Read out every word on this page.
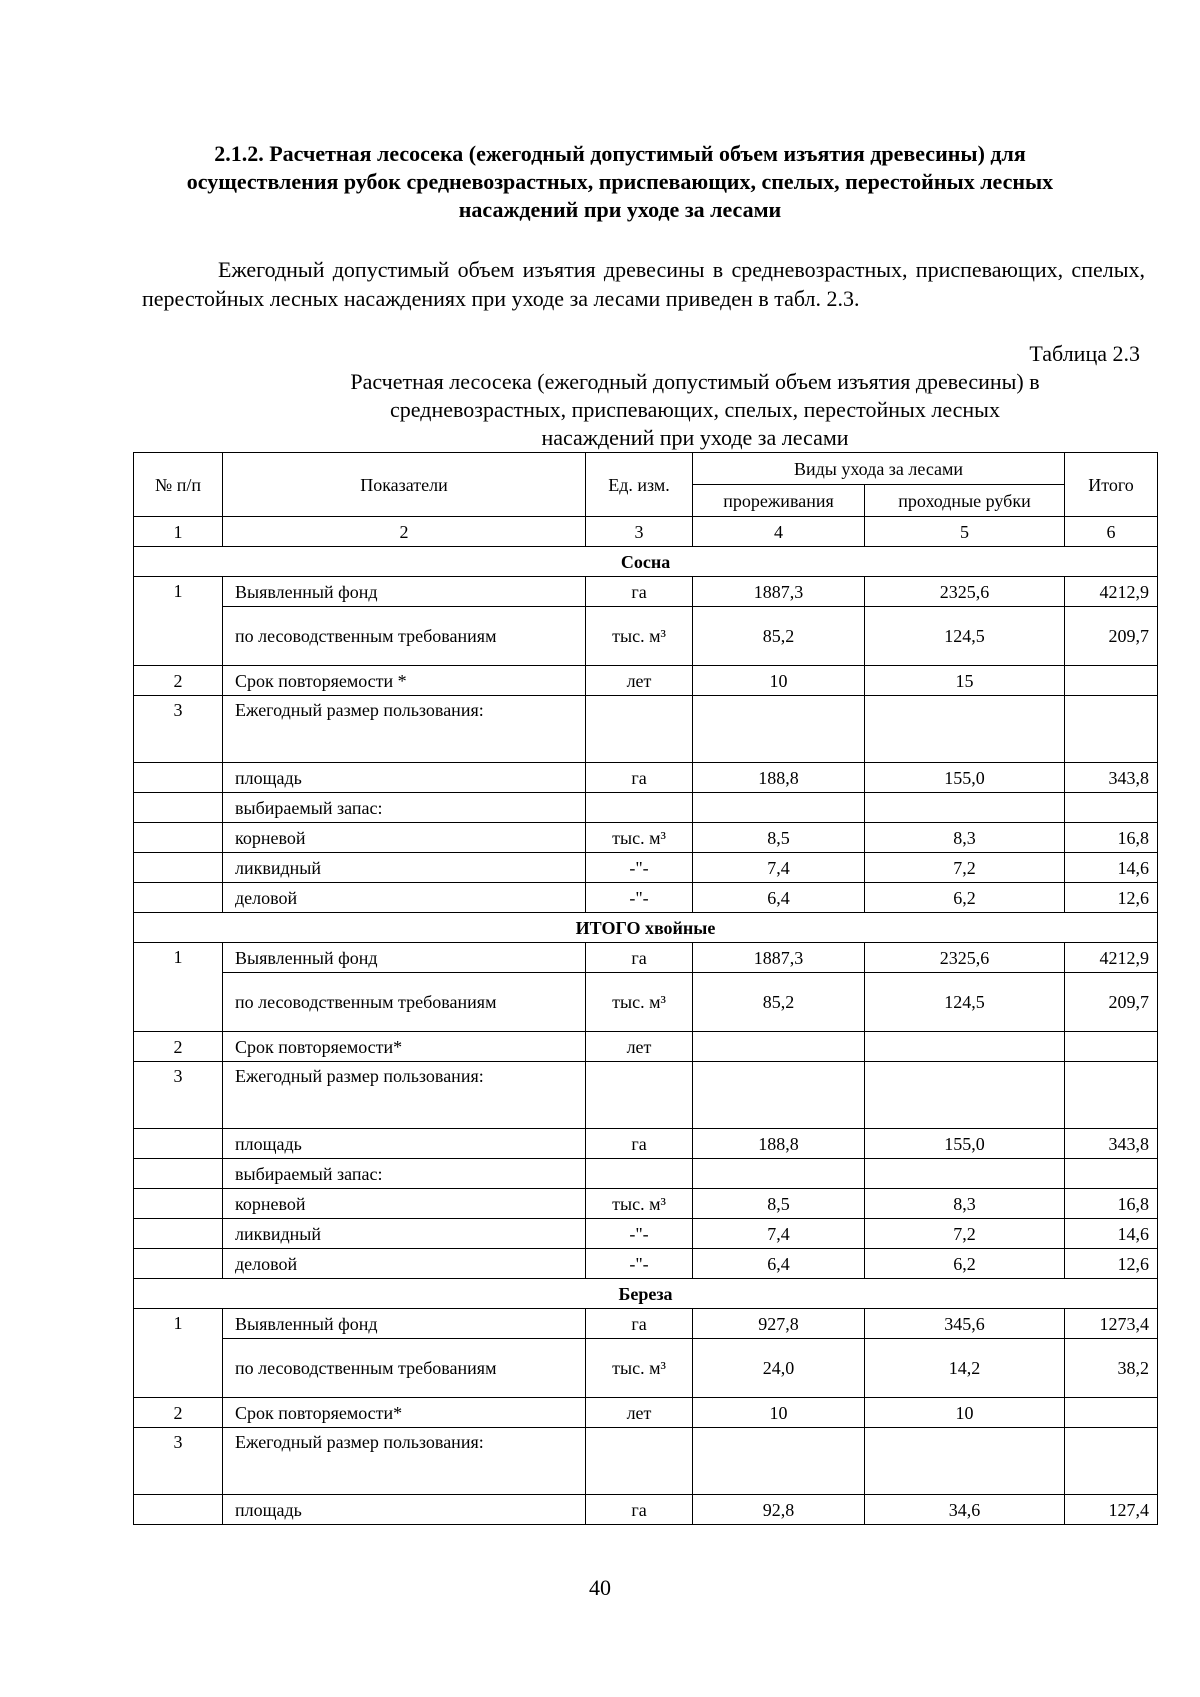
2.1.2. Расчетная лесосека (ежегодный допустимый объем изъятия древесины) для
осуществления рубок средневозрастных, приспевающих, спелых, перестойных лесных
насаждений при уходе за лесами
Ежегодный допустимый объем изъятия древесины в средневозрастных, приспевающих, спелых, перестойных лесных насаждениях при уходе за лесами приведен в табл. 2.3.
Таблица 2.3
Расчетная лесосека (ежегодный допустимый объем изъятия древесины) в
средневозрастных, приспевающих, спелых, перестойных лесных
насаждений при уходе за лесами
№ п/п	Показатели	Ед. изм.	Виды ухода за лесами		Итого
			прореживания	проходные рубки	
1	2	3	4	5	6
Сосна					
1	Выявленный фонд	га	1887,3	2325,6	4212,9
	по лесоводственным требованиям	тыс. м³	85,2	124,5	209,7
2	Срок повторяемости *	лет	10	15	
3	Ежегодный размер пользования:				
	площадь	га	188,8	155,0	343,8
	выбираемый запас:				
	корневой	тыс. м³	8,5	8,3	16,8
	ликвидный	-"-	7,4	7,2	14,6
	деловой	-"-	6,4	6,2	12,6
ИТОГО хвойные					
1	Выявленный фонд	га	1887,3	2325,6	4212,9
	по лесоводственным требованиям	тыс. м³	85,2	124,5	209,7
2	Срок повторяемости*	лет			
3	Ежегодный размер пользования:				
	площадь	га	188,8	155,0	343,8
	выбираемый запас:				
	корневой	тыс. м³	8,5	8,3	16,8
	ликвидный	-"-	7,4	7,2	14,6
	деловой	-"-	6,4	6,2	12,6
Береза					
1	Выявленный фонд	га	927,8	345,6	1273,4
	по лесоводственным требованиям	тыс. м³	24,0	14,2	38,2
2	Срок повторяемости*	лет	10	10	
3	Ежегодный размер пользования:				
	площадь	га	92,8	34,6	127,4
40
